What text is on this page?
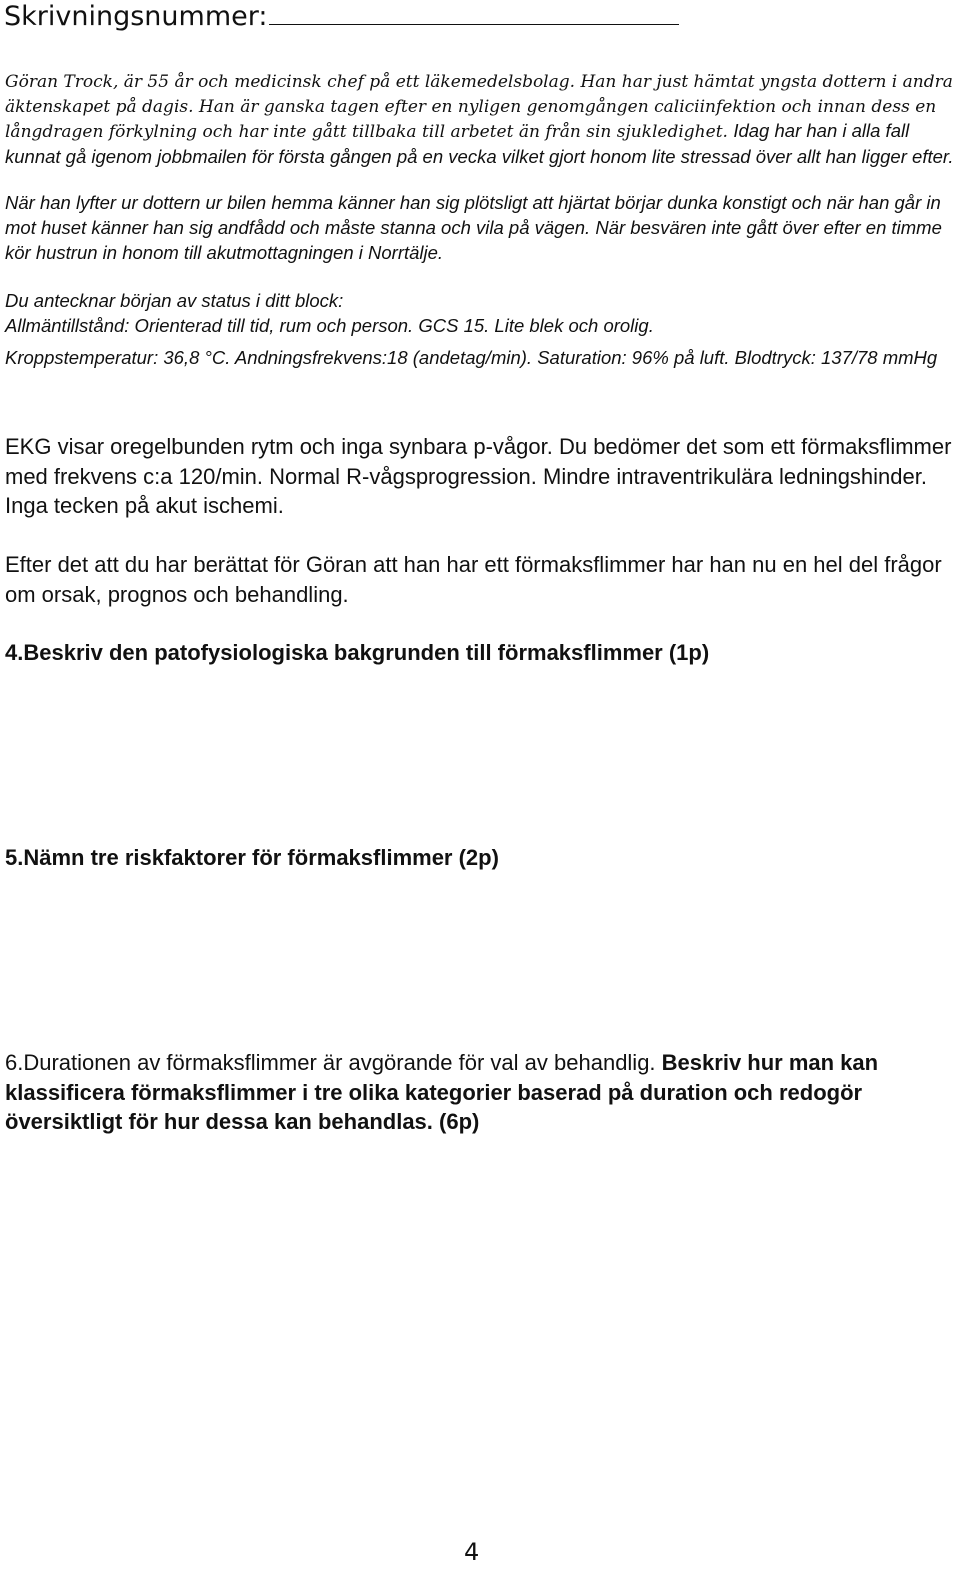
Skrivningsnummer:

Göran Trock, är 55 år och medicinsk chef på ett läkemedelsbolag. Han har just hämtat yngsta dottern i andra äktenskapet på dagis. Han är ganska tagen efter en nyligen genomgången caliciinfektion och innan dess en långdragen förkylning och har inte gått tillbaka till arbetet än från sin sjukledighet. Idag har han i alla fall kunnat gå igenom jobbmailen för första gången på en vecka vilket gjort honom lite stressad över allt han ligger efter.

När han lyfter ur dottern ur bilen hemma känner han sig plötsligt att hjärtat börjar dunka konstigt och när han går in mot huset känner han sig andfådd och måste stanna och vila på vägen. När besvären inte gått över efter en timme kör hustrun in honom till akutmottagningen i Norrtälje.

Du antecknar början av status i ditt block:

Allmäntillstånd: Orienterad till tid, rum och person. GCS 15. Lite blek och orolig.

Kroppstemperatur: 36,8 °C. Andningsfrekvens:18 (andetag/min). Saturation: 96% på luft. Blodtryck: 137/78 mmHg

EKG visar oregelbunden rytm och inga synbara p-vågor. Du bedömer det som ett förmaksflimmer med frekvens c:a 120/min. Normal R-vågsprogression. Mindre intraventrikulära ledningshinder. Inga tecken på akut ischemi.

Efter det att du har berättat för Göran att han har ett förmaksflimmer har han nu en hel del frågor om orsak, prognos och behandling.

4.Beskriv den patofysiologiska bakgrunden till förmaksflimmer (1p)

5.Nämn tre riskfaktorer för förmaksflimmer (2p)

6.Durationen av förmaksflimmer är avgörande för val av behandlig. Beskriv hur man kan klassificera förmaksflimmer i tre olika kategorier baserad på duration och redogör översiktligt för hur dessa kan behandlas. (6p)

4
